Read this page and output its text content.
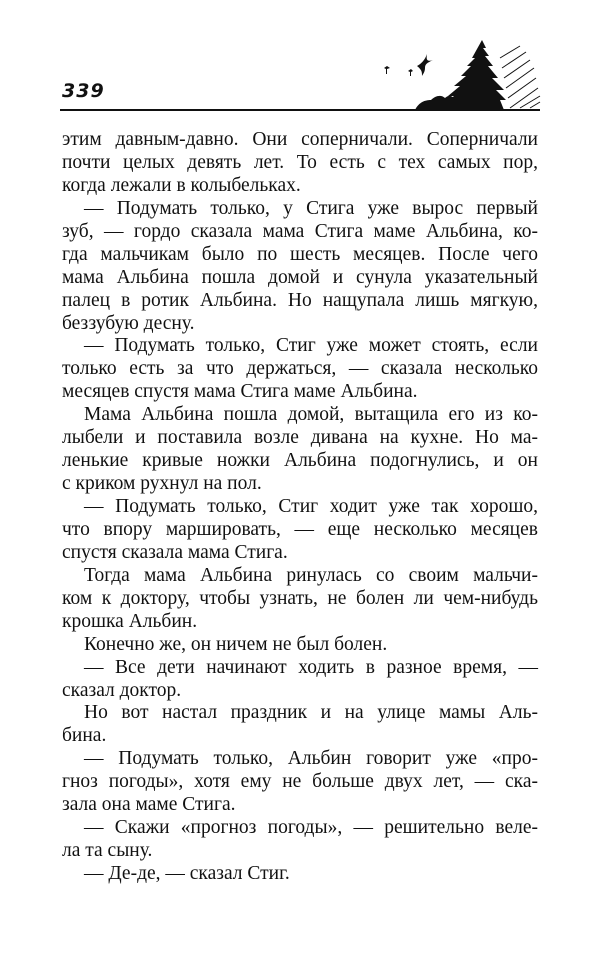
339
этим давным-давно. Они соперничали. Соперничали
почти целых девять лет. То есть с тех самых пор,
когда лежали в колыбельках.
— Подумать только, у Стига уже вырос первый
зуб, — гордо сказала мама Стига маме Альбина, ко-
гда мальчикам было по шесть месяцев. После чего
мама Альбина пошла домой и сунула указательный
палец в ротик Альбина. Но нащупала лишь мягкую,
беззубую десну.
— Подумать только, Стиг уже может стоять, если
только есть за что держаться, — сказала несколько
месяцев спустя мама Стига маме Альбина.
Мама Альбина пошла домой, вытащила его из ко-
лыбели и поставила возле дивана на кухне. Но ма-
ленькие кривые ножки Альбина подогнулись, и он
с криком рухнул на пол.
— Подумать только, Стиг ходит уже так хорошо,
что впору маршировать, — еще несколько месяцев
спустя сказала мама Стига.
Тогда мама Альбина ринулась со своим мальчи-
ком к доктору, чтобы узнать, не болен ли чем-нибудь
крошка Альбин.
Конечно же, он ничем не был болен.
— Все дети начинают ходить в разное время, —
сказал доктор.
Но вот настал праздник и на улице мамы Аль-
бина.
— Подумать только, Альбин говорит уже «про-
гноз погоды», хотя ему не больше двух лет, — ска-
зала она маме Стига.
— Скажи «прогноз погоды», — решительно веле-
ла та сыну.
— Де-де, — сказал Стиг.
